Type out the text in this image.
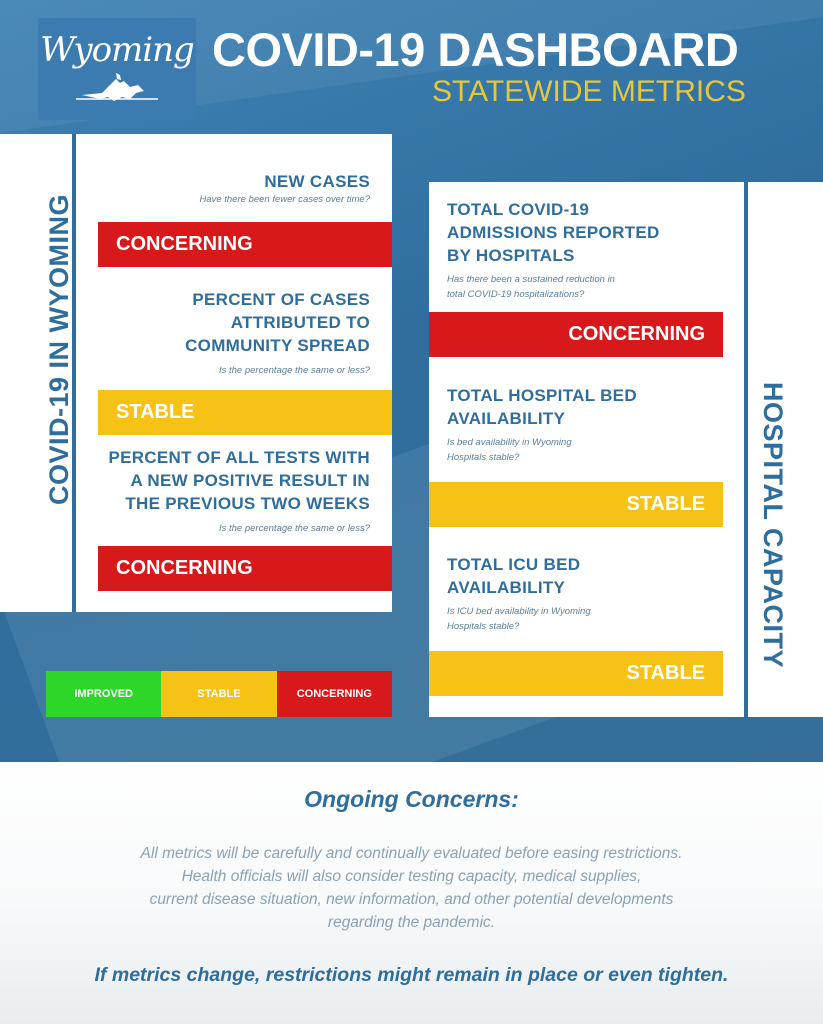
Wyoming COVID-19 DASHBOARD
STATEWIDE METRICS
NEW CASES
Have there been fewer cases over time?
CONCERNING
PERCENT OF CASES
ATTRIBUTED TO
COMMUNITY SPREAD
Is the percentage the same or less?
STABLE
PERCENT OF ALL TESTS WITH
A NEW POSITIVE RESULT IN
THE PREVIOUS TWO WEEKS
Is the percentage the same or less?
CONCERNING
COVID-19 IN WYOMING
IMPROVED	STABLE	CONCERNING
TOTAL COVID-19
ADMISSIONS REPORTED
BY HOSPITALS
Has there been a sustained reduction in
total COVID-19 hospitalizations?
CONCERNING
TOTAL HOSPITAL BED
AVAILABILITY
Is bed availability in Wyoming
Hospitals stable?
STABLE
TOTAL ICU BED
AVAILABILITY
Is ICU bed availability in Wyoming
Hospitals stable?
STABLE
HOSPITAL CAPACITY
Ongoing Concerns:
All metrics will be carefully and continually evaluated before easing restrictions.
Health officials will also consider testing capacity, medical supplies,
current disease situation, new information, and other potential developments
regarding the pandemic.
If metrics change, restrictions might remain in place or even tighten.
